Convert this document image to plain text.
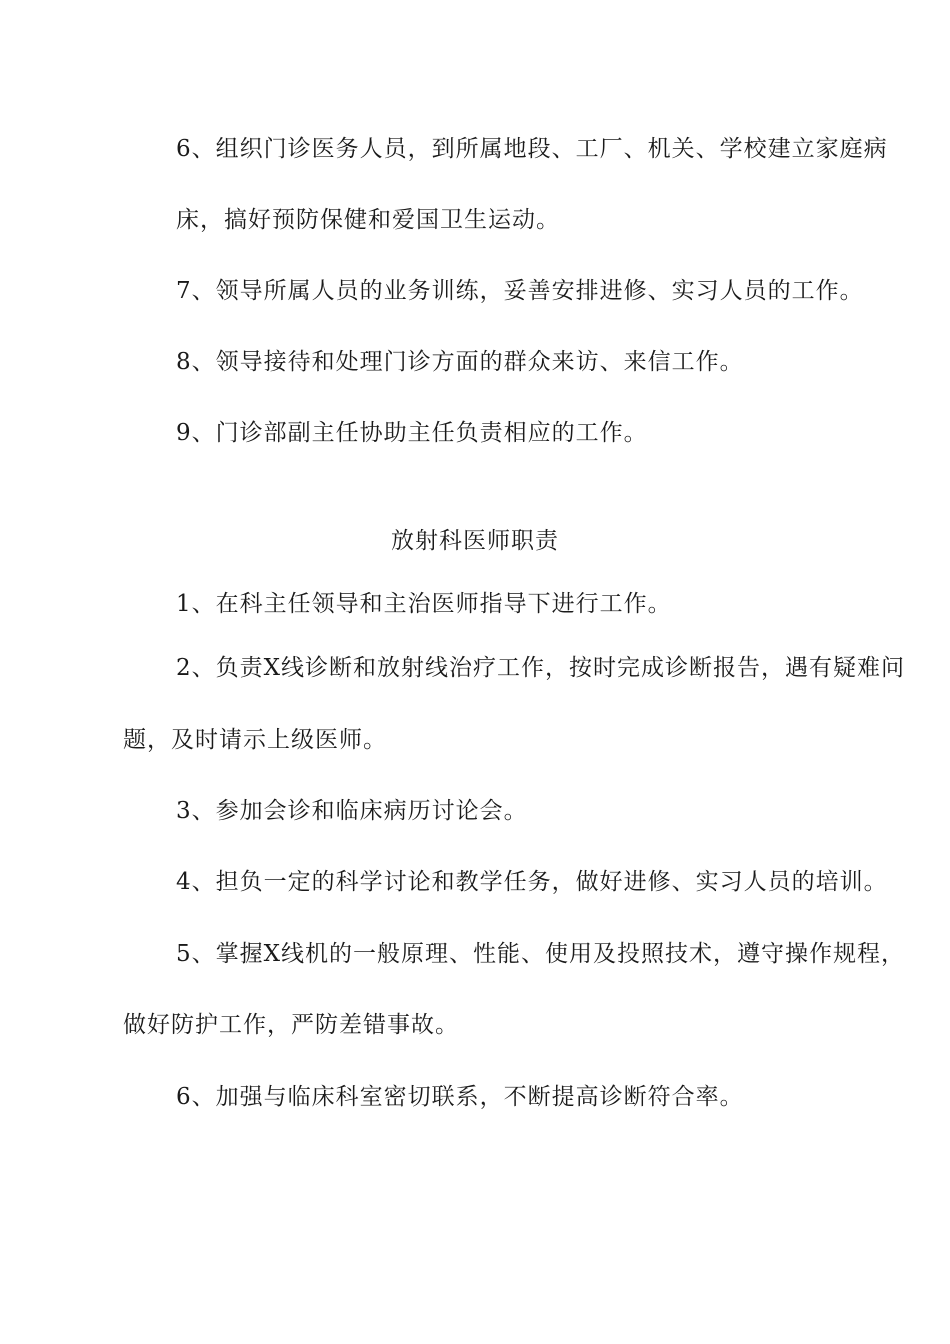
6、组织门诊医务人员，到所属地段、工厂、机关、学校建立家庭病

床，搞好预防保健和爱国卫生运动。

7、领导所属人员的业务训练，妥善安排进修、实习人员的工作。

8、领导接待和处理门诊方面的群众来访、来信工作。

9、门诊部副主任协助主任负责相应的工作。

放射科医师职责

1、在科主任领导和主治医师指导下进行工作。

2、负责X线诊断和放射线治疗工作，按时完成诊断报告，遇有疑难问

题，及时请示上级医师。

3、参加会诊和临床病历讨论会。

4、担负一定的科学讨论和教学任务，做好进修、实习人员的培训。

5、掌握X线机的一般原理、性能、使用及投照技术，遵守操作规程，

做好防护工作，严防差错事故。

6、加强与临床科室密切联系，不断提高诊断符合率。
